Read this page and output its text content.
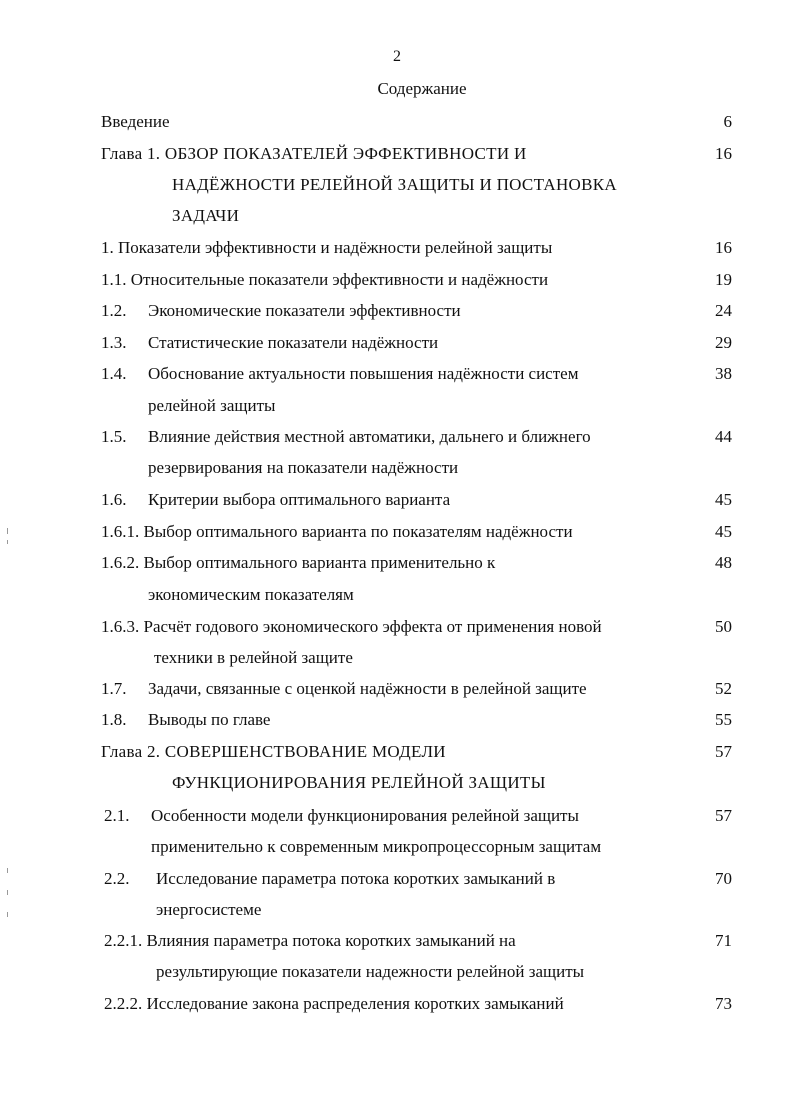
2
Содержание
Введение	6
Глава 1. ОБЗОР ПОКАЗАТЕЛЕЙ ЭФФЕКТИВНОСТИ И	16
НАДЁЖНОСТИ РЕЛЕЙНОЙ ЗАЩИТЫ И ПОСТАНОВКА
ЗАДАЧИ
1. Показатели эффективности и надёжности релейной защиты	16
1.1. Относительные показатели эффективности и надёжности	19
1.2. Экономические показатели эффективности	24
1.3. Статистические показатели надёжности	29
1.4. Обоснование актуальности повышения надёжности систем	38
релейной защиты
1.5. Влияние действия местной автоматики, дальнего и ближнего	44
резервирования на показатели надёжности
1.6. Критерии выбора оптимального варианта	45
1.6.1. Выбор оптимального варианта по показателям надёжности	45
1.6.2. Выбор оптимального варианта применительно к	48
экономическим показателям
1.6.3. Расчёт годового экономического эффекта от применения новой	50
техники в релейной защите
1.7. Задачи, связанные с оценкой надёжности в релейной защите	52
1.8. Выводы по главе	55
Глава 2. СОВЕРШЕНСТВОВАНИЕ МОДЕЛИ	57
ФУНКЦИОНИРОВАНИЯ РЕЛЕЙНОЙ ЗАЩИТЫ
2.1. Особенности модели функционирования релейной защиты	57
применительно к современным микропроцессорным защитам
2.2. Исследование параметра потока коротких замыканий в	70
энергосистеме
2.2.1. Влияния параметра потока коротких замыканий на	71
результирующие показатели надежности релейной защиты
2.2.2. Исследование закона распределения коротких замыканий	73
